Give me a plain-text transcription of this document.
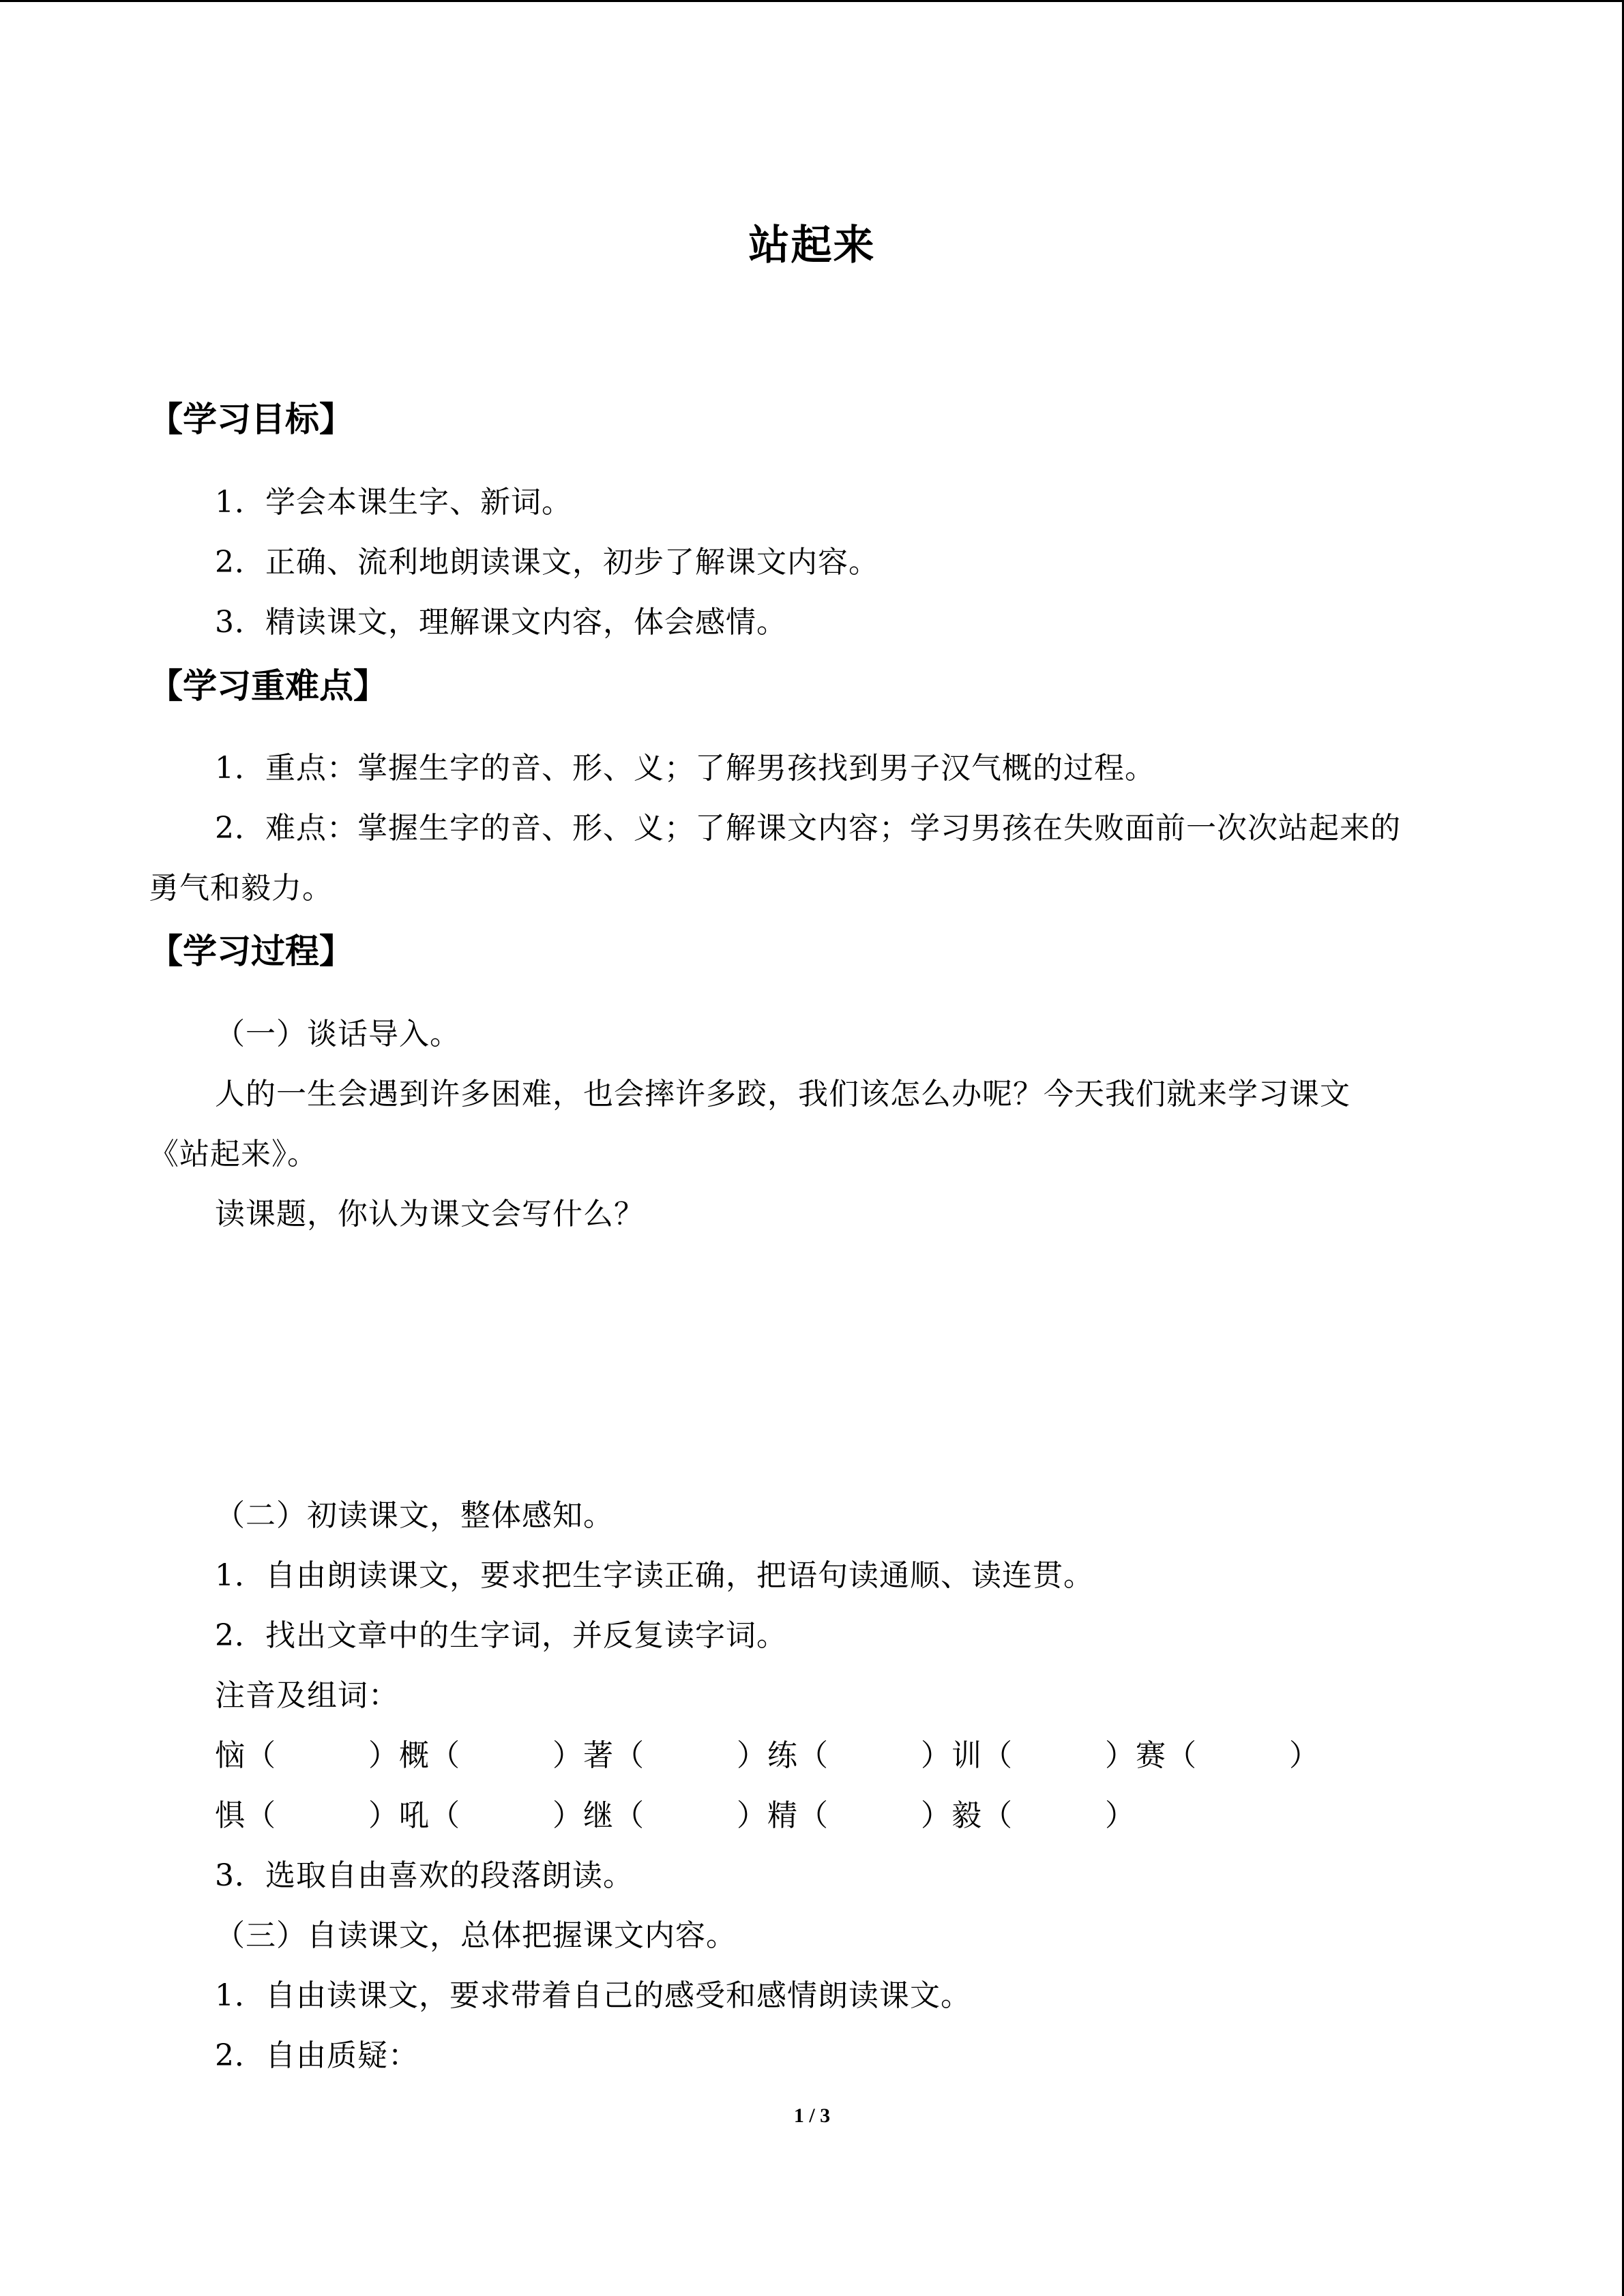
站起来
【学习目标】
1．学会本课生字、新词。
2．正确、流利地朗读课文，初步了解课文内容。
3．精读课文，理解课文内容，体会感情。
【学习重难点】
1．重点：掌握生字的音、形、义；了解男孩找到男子汉气概的过程。
2．难点：掌握生字的音、形、义；了解课文内容；学习男孩在失败面前一次次站起来的
勇气和毅力。
【学习过程】
（一）谈话导入。
人的一生会遇到许多困难，也会摔许多跤，我们该怎么办呢？今天我们就来学习课文
《站起来》。
读课题，你认为课文会写什么？
（二）初读课文，整体感知。
1．自由朗读课文，要求把生字读正确，把语句读通顺、读连贯。
2．找出文章中的生字词，并反复读字词。
注音及组词：
恼（　　　）概（　　　）著（　　　）练（　　　）训（　　　）赛（　　　）
惧（　　　）吼（　　　）继（　　　）精（　　　）毅（　　　）
3．选取自由喜欢的段落朗读。
（三）自读课文，总体把握课文内容。
1．自由读课文，要求带着自己的感受和感情朗读课文。
2．自由质疑：
1 / 3
